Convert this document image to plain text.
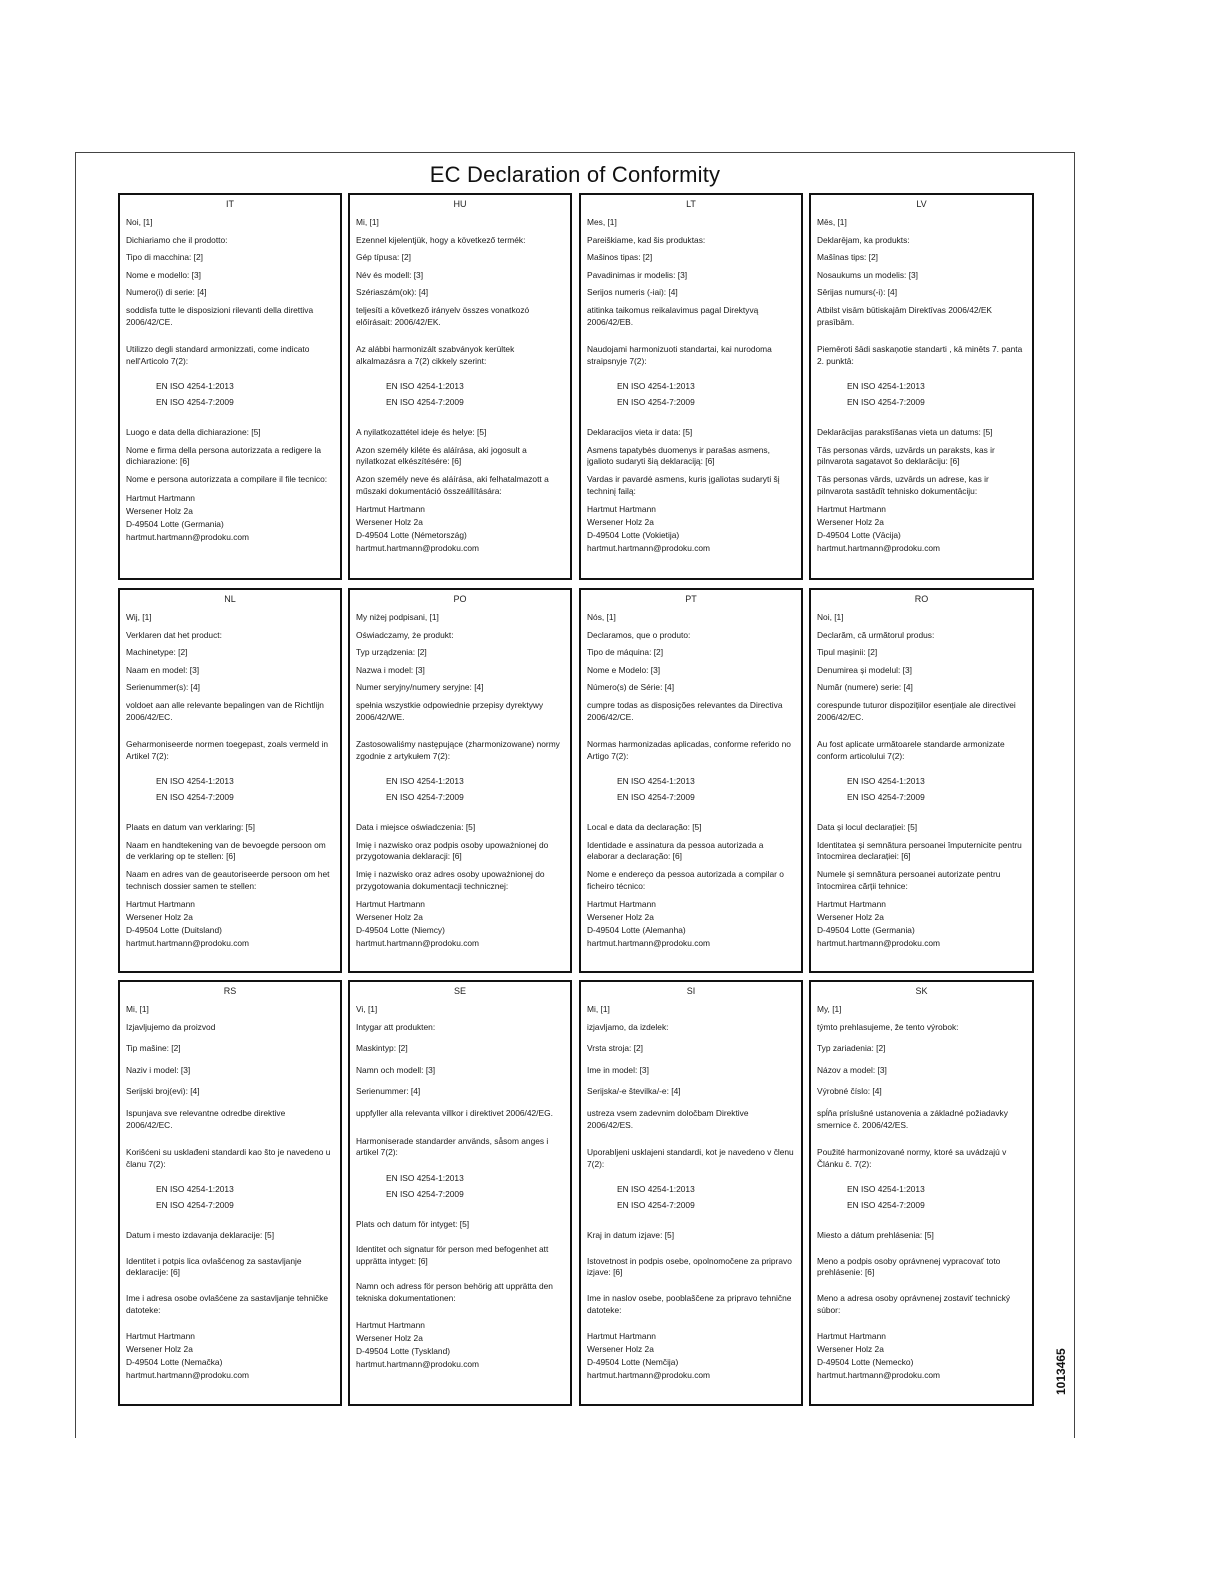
EC Declaration of Conformity
IT

Noi, [1]

Dichiariamo che il prodotto:

Tipo di macchina: [2]

Nome e modello: [3]

Numero(i) di serie: [4]

soddisfa tutte le disposizioni rilevanti della direttiva 2006/42/CE.

Utilizzo degli standard armonizzati, come indicato nell'Articolo 7(2):

EN ISO 4254-1:2013
EN ISO 4254-7:2009

Luogo e data della dichiarazione: [5]

Nome e firma della persona autorizzata a redigere la dichiarazione: [6]

Nome e persona autorizzata a compilare il file tecnico:

Hartmut Hartmann
Wersener Holz 2a
D-49504 Lotte (Germania)
hartmut.hartmann@prodoku.com
HU

Mi, [1]

Ezennel kijelentjük, hogy a következő termék:

Gép típusa: [2]

Név és modell: [3]

Szériaszám(ok): [4]

teljesíti a következő irányelv összes vonatkozó előírásait: 2006/42/EK.

Az alábbi harmonizált szabványok kerültek alkalmazásra a 7(2) cikkely szerint:

EN ISO 4254-1:2013
EN ISO 4254-7:2009

A nyilatkozattétel ideje és helye: [5]

Azon személy kiléte és aláírása, aki jogosult a nyilatkozat elkészítésére: [6]

Azon személy neve és aláírása, aki felhatalmazott a műszaki dokumentáció összeállítására:

Hartmut Hartmann
Wersener Holz 2a
D-49504 Lotte (Németország)
hartmut.hartmann@prodoku.com
LT

Mes, [1]

Pareiškiame, kad šis produktas:

Mašinos tipas: [2]

Pavadinimas ir modelis: [3]

Serijos numeris (-iai): [4]

atitinka taikomus reikalavimus pagal Direktyvą 2006/42/EB.

Naudojami harmonizuoti standartai, kai nurodoma straipsnyje 7(2):

EN ISO 4254-1:2013
EN ISO 4254-7:2009

Deklaracijos vieta ir data: [5]

Asmens tapatybės duomenys ir parašas asmens, įgalioto sudaryti šią deklaraciją: [6]

Vardas ir pavardė asmens, kuris įgaliotas sudaryti šį techninį failą:

Hartmut Hartmann
Wersener Holz 2a
D-49504 Lotte (Vokietija)
hartmut.hartmann@prodoku.com
LV

Mēs, [1]

Deklarējam, ka produkts:

Mašīnas tips: [2]

Nosaukums un modelis: [3]

Sērijas numurs(-i): [4]

Atbilst visām būtiskajām Direktīvas 2006/42/EK prasībām.

Piemēroti šādi saskaņotie standarti , kā minēts 7. panta 2. punktā:

EN ISO 4254-1:2013
EN ISO 4254-7:2009

Deklarācijas parakstīšanas vieta un datums: [5]

Tās personas vārds, uzvārds un paraksts, kas ir pilnvarota sagatavot šo deklarāciju: [6]

Tās personas vārds, uzvārds un adrese, kas ir pilnvarota sastādīt tehnisko dokumentāciju:

Hartmut Hartmann
Wersener Holz 2a
D-49504 Lotte (Vācija)
hartmut.hartmann@prodoku.com
NL

Wij, [1]

Verklaren dat het product:

Machinetype: [2]

Naam en model: [3]

Serienummer(s): [4]

voldoet aan alle relevante bepalingen van de Richtlijn 2006/42/EC.

Geharmoniseerde normen toegepast, zoals vermeld in Artikel 7(2):

EN ISO 4254-1:2013
EN ISO 4254-7:2009

Plaats en datum van verklaring: [5]

Naam en handtekening van de bevoegde persoon om de verklaring op te stellen: [6]

Naam en adres van de geautoriseerde persoon om het technisch dossier samen te stellen:

Hartmut Hartmann
Wersener Holz 2a
D-49504 Lotte (Duitsland)
hartmut.hartmann@prodoku.com
PO

My niżej podpisani, [1]

Oświadczamy, że produkt:

Typ urządzenia: [2]

Nazwa i model: [3]

Numer seryjny/numery seryjne: [4]

spełnia wszystkie odpowiednie przepisy dyrektywy 2006/42/WE.

Zastosowaliśmy następujące (zharmonizowane) normy zgodnie z artykułem 7(2):

EN ISO 4254-1:2013
EN ISO 4254-7:2009

Data i miejsce oświadczenia: [5]

Imię i nazwisko oraz podpis osoby upoważnionej do przygotowania deklaracji: [6]

Imię i nazwisko oraz adres osoby upoważnionej do przygotowania dokumentacji technicznej:

Hartmut Hartmann
Wersener Holz 2a
D-49504 Lotte (Niemcy)
hartmut.hartmann@prodoku.com
PT

Nós, [1]

Declaramos, que o produto:

Tipo de máquina: [2]

Nome e Modelo: [3]

Número(s) de Série: [4]

cumpre todas as disposições relevantes da Directiva 2006/42/CE.

Normas harmonizadas aplicadas, conforme referido no Artigo 7(2):

EN ISO 4254-1:2013
EN ISO 4254-7:2009

Local e data da declaração: [5]

Identidade e assinatura da pessoa autorizada a elaborar a declaração: [6]

Nome e endereço da pessoa autorizada a compilar o ficheiro técnico:

Hartmut Hartmann
Wersener Holz 2a
D-49504 Lotte (Alemanha)
hartmut.hartmann@prodoku.com
RO

Noi, [1]

Declarăm, că următorul produs:

Tipul mașinii: [2]

Denumirea și modelul: [3]

Număr (numere) serie: [4]

corespunde tuturor dispozițiilor esențiale ale directivei 2006/42/EC.

Au fost aplicate următoarele standarde armonizate conform articolului 7(2):

EN ISO 4254-1:2013
EN ISO 4254-7:2009

Data și locul declarației: [5]

Identitatea și semnătura persoanei împuternicite pentru întocmirea declarației: [6]

Numele și semnătura persoanei autorizate pentru întocmirea cărții tehnice:

Hartmut Hartmann
Wersener Holz 2a
D-49504 Lotte (Germania)
hartmut.hartmann@prodoku.com
RS

Mi, [1]

Izjavljujemo da proizvod

Tip mašine: [2]

Naziv i model: [3]

Serijski broj(evi): [4]

Ispunjava sve relevantne odredbe direktive 2006/42/EC.

Korišćeni su usklađeni standardi kao što je navedeno u članu 7(2):

EN ISO 4254-1:2013
EN ISO 4254-7:2009

Datum i mesto izdavanja deklaracije: [5]

Identitet i potpis lica ovlašćenog za sastavljanje deklaracije: [6]

Ime i adresa osobe ovlašćene za sastavljanje tehničke datoteke:

Hartmut Hartmann
Wersener Holz 2a
D-49504 Lotte (Nemačka)
hartmut.hartmann@prodoku.com
SE

Vi, [1]

Intygar att produkten:

Maskintyp: [2]

Namn och modell: [3]

Serienummer: [4]

uppfyller alla relevanta villkor i direktivet 2006/42/EG.

Harmoniserade standarder används, såsom anges i artikel 7(2):

EN ISO 4254-1:2013
EN ISO 4254-7:2009

Plats och datum för intyget: [5]

Identitet och signatur för person med befogenhet att upprätta intyget: [6]

Namn och adress för person behörig att upprätta den tekniska dokumentationen:

Hartmut Hartmann
Wersener Holz 2a
D-49504 Lotte (Tyskland)
hartmut.hartmann@prodoku.com
SI

Mi, [1]

izjavljamo, da izdelek:

Vrsta stroja: [2]

Ime in model: [3]

Serijska/-e številka/-e: [4]

ustreza vsem zadevnim določbam Direktive 2006/42/ES.

Uporabljeni usklajeni standardi, kot je navedeno v členu 7(2):

EN ISO 4254-1:2013
EN ISO 4254-7:2009

Kraj in datum izjave: [5]

Istovetnost in podpis osebe, opolnomočene za pripravo izjave: [6]

Ime in naslov osebe, pooblaščene za pripravo tehnične datoteke:

Hartmut Hartmann
Wersener Holz 2a
D-49504 Lotte (Nemčija)
hartmut.hartmann@prodoku.com
SK

My, [1]

týmto prehlasujeme, že tento výrobok:

Typ zariadenia: [2]

Názov a model: [3]

Výrobné číslo: [4]

spĺňa príslušné ustanovenia a základné požiadavky smernice č. 2006/42/ES.

Použité harmonizované normy, ktoré sa uvádzajú v Článku č. 7(2):

EN ISO 4254-1:2013
EN ISO 4254-7:2009

Miesto a dátum prehlásenia: [5]

Meno a podpis osoby oprávnenej vypracovať toto prehlásenie: [6]

Meno a adresa osoby oprávnenej zostaviť technický súbor:

Hartmut Hartmann
Wersener Holz 2a
D-49504 Lotte (Nemecko)
hartmut.hartmann@prodoku.com	1013465
